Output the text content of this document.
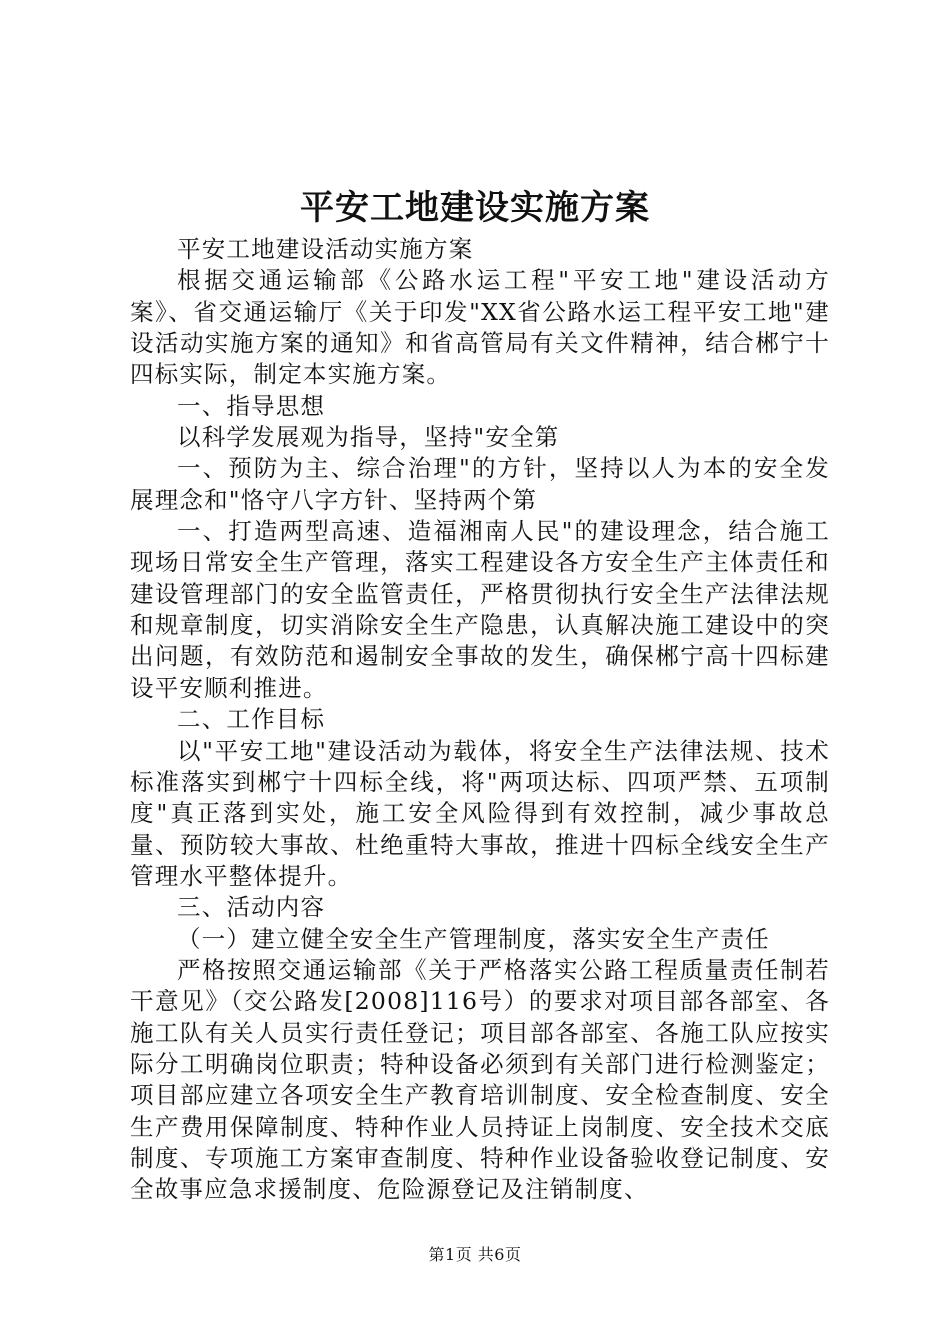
平安工地建设实施方案

平安工地建设活动实施方案

根据交通运输部《公路水运工程"平安工地"建设活动方案》、省交通运输厅《关于印发"XX省公路水运工程平安工地"建设活动实施方案的通知》和省高管局有关文件精神，结合郴宁十四标实际，制定本实施方案。

一、指导思想

以科学发展观为指导，坚持"安全第

一、预防为主、综合治理"的方针，坚持以人为本的安全发展理念和"恪守八字方针、坚持两个第

一、打造两型高速、造福湘南人民"的建设理念，结合施工现场日常安全生产管理，落实工程建设各方安全生产主体责任和建设管理部门的安全监管责任，严格贯彻执行安全生产法律法规和规章制度，切实消除安全生产隐患，认真解决施工建设中的突出问题，有效防范和遏制安全事故的发生，确保郴宁高十四标建设平安顺利推进。

二、工作目标

以"平安工地"建设活动为载体，将安全生产法律法规、技术标准落实到郴宁十四标全线，将"两项达标、四项严禁、五项制度"真正落到实处，施工安全风险得到有效控制，减少事故总量、预防较大事故、杜绝重特大事故，推进十四标全线安全生产管理水平整体提升。

三、活动内容

（一）建立健全安全生产管理制度，落实安全生产责任

严格按照交通运输部《关于严格落实公路工程质量责任制若干意见》（交公路发[2008]116号）的要求对项目部各部室、各施工队有关人员实行责任登记；项目部各部室、各施工队应按实际分工明确岗位职责；特种设备必须到有关部门进行检测鉴定；项目部应建立各项安全生产教育培训制度、安全检查制度、安全生产费用保障制度、特种作业人员持证上岗制度、安全技术交底制度、专项施工方案审查制度、特种作业设备验收登记制度、安全故事应急求援制度、危险源登记及注销制度、

第1页 共6页
